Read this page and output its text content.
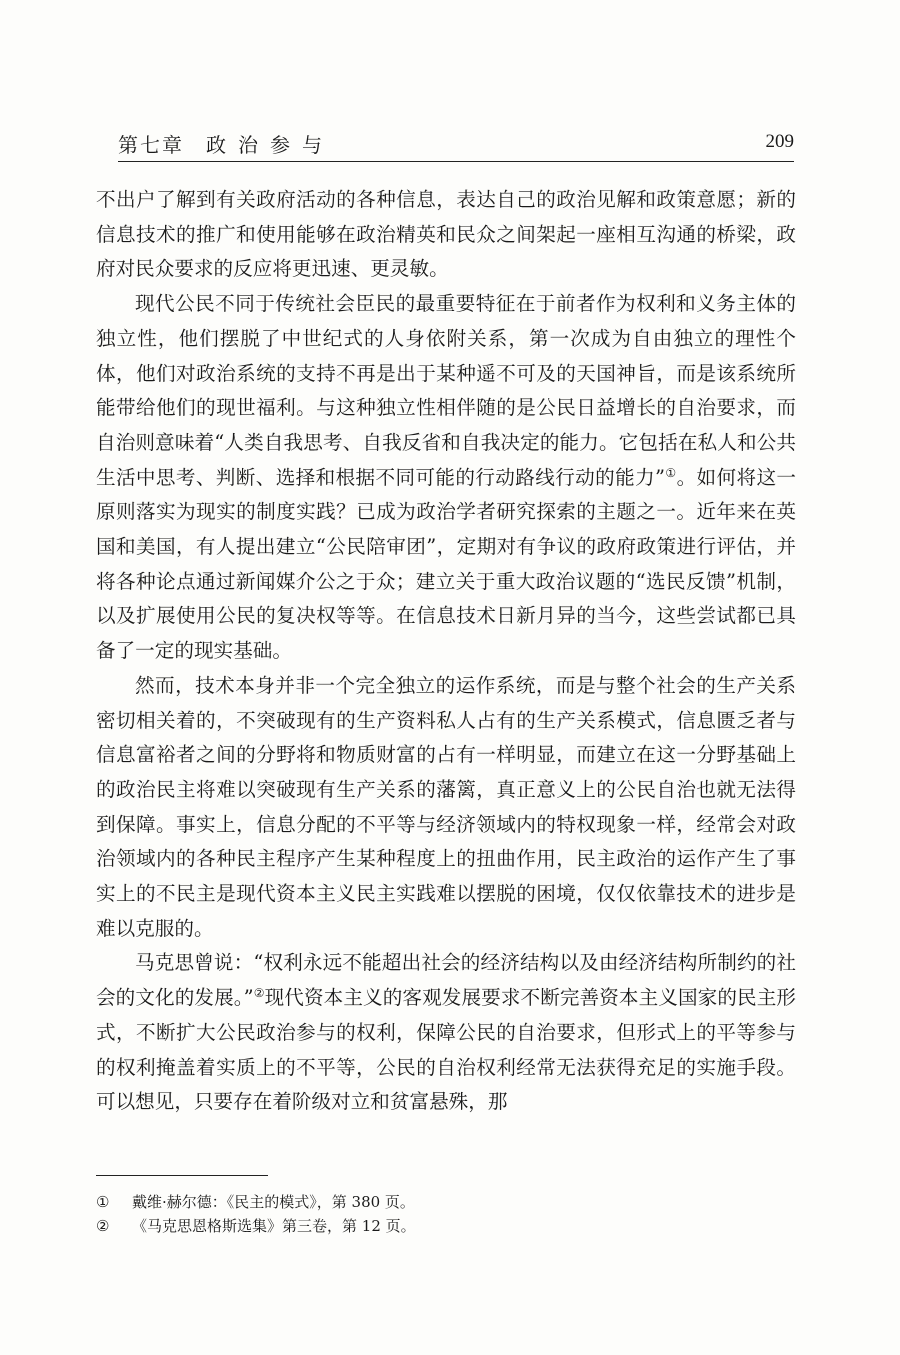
第七章 政治参与	209

不出户了解到有关政府活动的各种信息，表达自己的政治见解和政策意愿；新的信息技术的推广和使用能够在政治精英和民众之间架起一座相互沟通的桥梁，政府对民众要求的反应将更迅速、更灵敏。

现代公民不同于传统社会臣民的最重要特征在于前者作为权利和义务主体的独立性，他们摆脱了中世纪式的人身依附关系，第一次成为自由独立的理性个体，他们对政治系统的支持不再是出于某种遥不可及的天国神旨，而是该系统所能带给他们的现世福利。与这种独立性相伴随的是公民日益增长的自治要求，而自治则意味着“人类自我思考、自我反省和自我决定的能力。它包括在私人和公共生活中思考、判断、选择和根据不同可能的行动路线行动的能力”①。如何将这一原则落实为现实的制度实践？已成为政治学者研究探索的主题之一。近年来在英国和美国，有人提出建立“公民陪审团”，定期对有争议的政府政策进行评估，并将各种论点通过新闻媒介公之于众；建立关于重大政治议题的“选民反馈”机制，以及扩展使用公民的复决权等等。在信息技术日新月异的当今，这些尝试都已具备了一定的现实基础。

然而，技术本身并非一个完全独立的运作系统，而是与整个社会的生产关系密切相关着的，不突破现有的生产资料私人占有的生产关系模式，信息匮乏者与信息富裕者之间的分野将和物质财富的占有一样明显，而建立在这一分野基础上的政治民主将难以突破现有生产关系的藩篱，真正意义上的公民自治也就无法得到保障。事实上，信息分配的不平等与经济领域内的特权现象一样，经常会对政治领域内的各种民主程序产生某种程度上的扭曲作用，民主政治的运作产生了事实上的不民主是现代资本主义民主实践难以摆脱的困境，仅仅依靠技术的进步是难以克服的。

马克思曾说：“权利永远不能超出社会的经济结构以及由经济结构所制约的社会的文化的发展。”②现代资本主义的客观发展要求不断完善资本主义国家的民主形式，不断扩大公民政治参与的权利，保障公民的自治要求，但形式上的平等参与的权利掩盖着实质上的不平等，公民的自治权利经常无法获得充足的实施手段。可以想见，只要存在着阶级对立和贫富悬殊，那

① 戴维·赫尔德：《民主的模式》，第 380 页。
② 《马克思恩格斯选集》第三卷，第 12 页。
